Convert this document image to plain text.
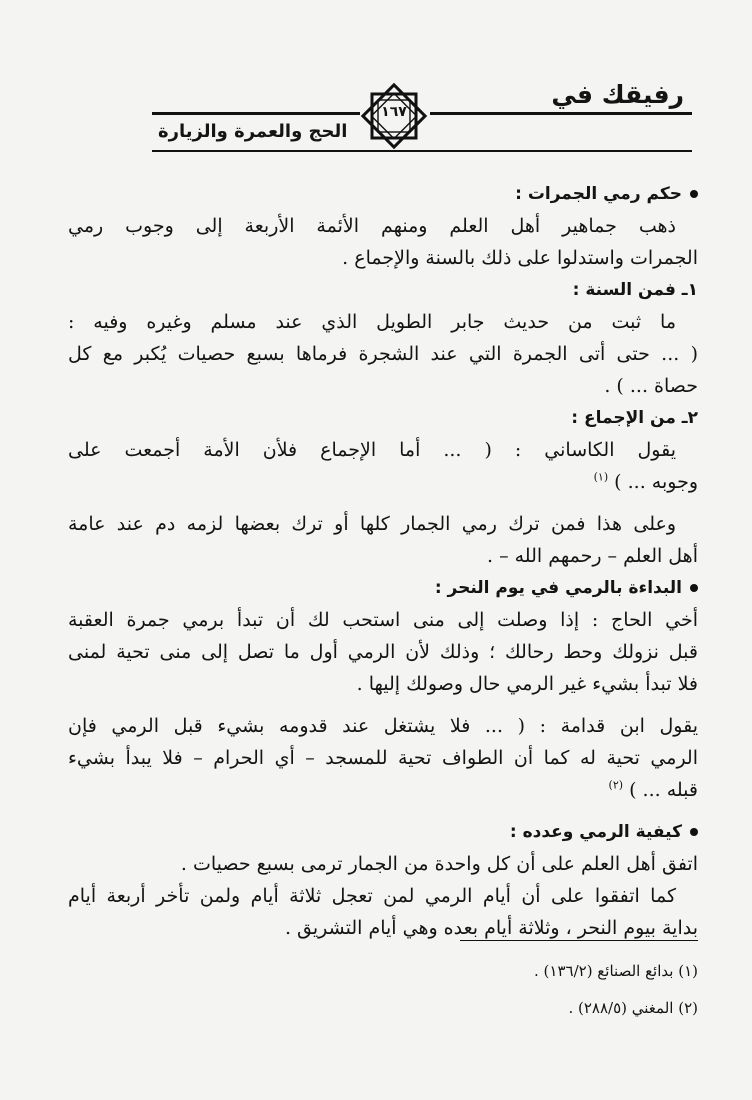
رفيقك في
١٦٧
الحج والعمرة والزيارة
حكم رمي الجمرات :
ذهب جماهير أهل العلم ومنهم الأئمة الأربعة إلى وجوب رمي
الجمرات واستدلوا على ذلك بالسنة والإجماع .
١ـ فمن السنة :
ما ثبت من حديث جابر الطويل الذي عند مسلم وغيره وفيه :
( ... حتى أتى الجمرة التي عند الشجرة فرماها بسبع حصيات يُكبر مع كل
حصاة ... ) .
٢ـ من الإجماع :
يقول الكاساني : ( ... أما الإجماع فلأن الأمة أجمعت على
وجوبه ... ) $^{(١)}$
وعلى هذا فمن ترك رمي الجمار كلها أو ترك بعضها لزمه دم عند عامة
أهل العلم – رحمهم الله – .
البداءة بالرمي في يوم النحر :
أخي الحاج : إذا وصلت إلى منى استحب لك أن تبدأ برمي جمرة العقبة
قبل نزولك وحط رحالك ؛ وذلك لأن الرمي أول ما تصل إلى منى تحية لمنى
فلا تبدأ بشيء غير الرمي حال وصولك إليها .
يقول ابن قدامة : ( ... فلا يشتغل عند قدومه بشيء قبل الرمي فإن
الرمي تحية له كما أن الطواف تحية للمسجد – أي الحرام – فلا يبدأ بشيء
قبله ... ) $^{(٢)}$
كيفية الرمي وعدده :
اتفق أهل العلم على أن كل واحدة من الجمار ترمى بسبع حصيات .
كما اتفقوا على أن أيام الرمي لمن تعجل ثلاثة أيام ولمن تأخر أربعة أيام
بداية بيوم النحر ، وثلاثة أيام بعده وهي أيام التشريق .
(١) بدائع الصنائع (١٣٦/٢) .
(٢) المغني (٢٨٨/٥) .
